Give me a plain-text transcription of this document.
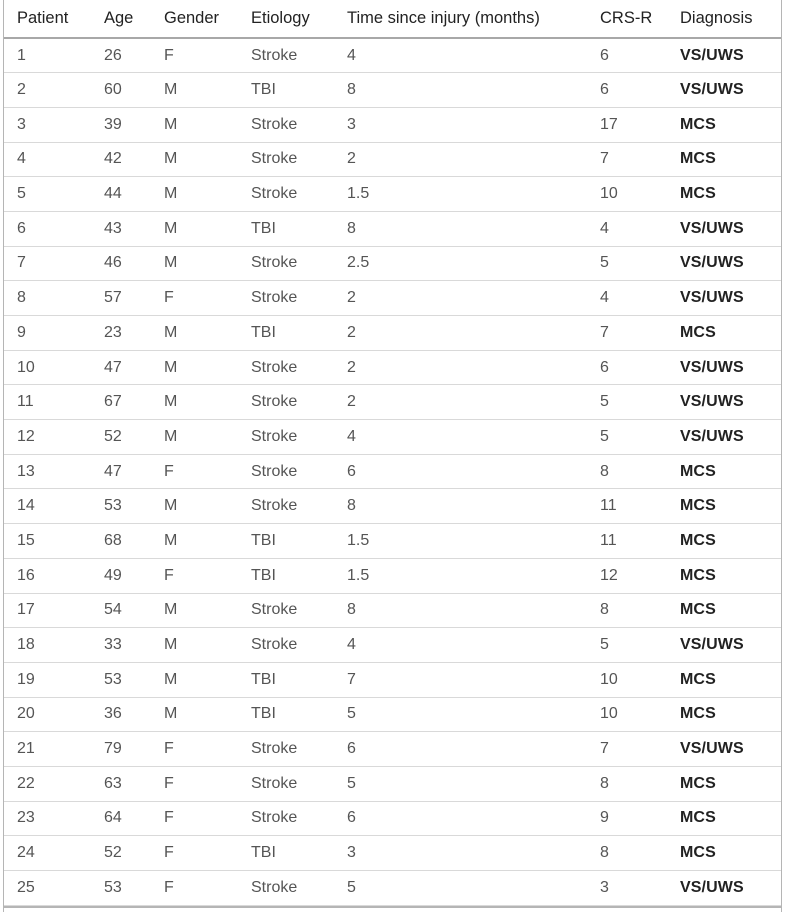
Patient	Age	Gender	Etiology	Time since injury (months)	CRS-R	Diagnosis
1	26	F	Stroke	4	6	VS/UWS
2	60	M	TBI	8	6	VS/UWS
3	39	M	Stroke	3	17	MCS
4	42	M	Stroke	2	7	MCS
5	44	M	Stroke	1.5	10	MCS
6	43	M	TBI	8	4	VS/UWS
7	46	M	Stroke	2.5	5	VS/UWS
8	57	F	Stroke	2	4	VS/UWS
9	23	M	TBI	2	7	MCS
10	47	M	Stroke	2	6	VS/UWS
11	67	M	Stroke	2	5	VS/UWS
12	52	M	Stroke	4	5	VS/UWS
13	47	F	Stroke	6	8	MCS
14	53	M	Stroke	8	11	MCS
15	68	M	TBI	1.5	11	MCS
16	49	F	TBI	1.5	12	MCS
17	54	M	Stroke	8	8	MCS
18	33	M	Stroke	4	5	VS/UWS
19	53	M	TBI	7	10	MCS
20	36	M	TBI	5	10	MCS
21	79	F	Stroke	6	7	VS/UWS
22	63	F	Stroke	5	8	MCS
23	64	F	Stroke	6	9	MCS
24	52	F	TBI	3	8	MCS
25	53	F	Stroke	5	3	VS/UWS
